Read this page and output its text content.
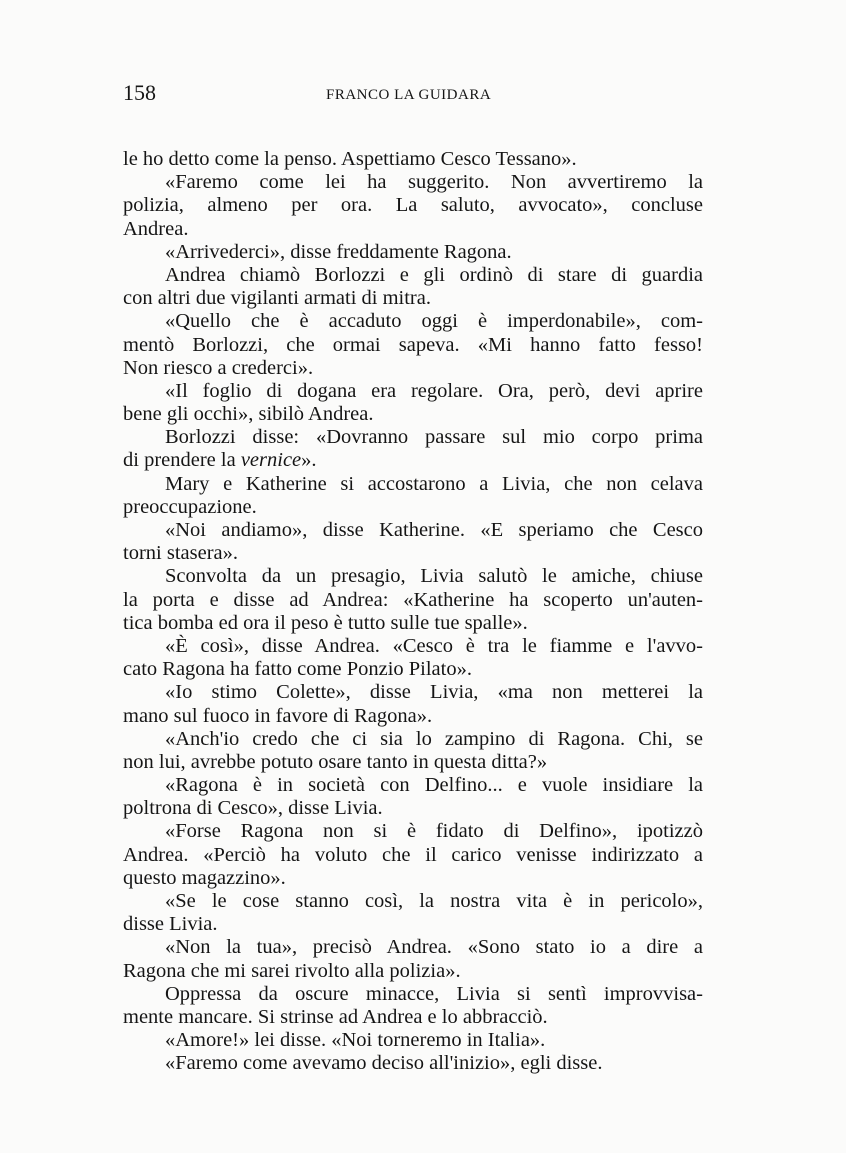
158	FRANCO LA GUIDARA
le ho detto come la penso. Aspettiamo Cesco Tessano».
«Faremo come lei ha suggerito. Non avvertiremo la
polizia, almeno per ora. La saluto, avvocato», concluse
Andrea.
«Arrivederci», disse freddamente Ragona.
Andrea chiamò Borlozzi e gli ordinò di stare di guardia
con altri due vigilanti armati di mitra.
«Quello che è accaduto oggi è imperdonabile», com-
mentò Borlozzi, che ormai sapeva. «Mi hanno fatto fesso!
Non riesco a crederci».
«Il foglio di dogana era regolare. Ora, però, devi aprire
bene gli occhi», sibilò Andrea.
Borlozzi disse: «Dovranno passare sul mio corpo prima
di prendere la vernice».
Mary e Katherine si accostarono a Livia, che non celava
preoccupazione.
«Noi andiamo», disse Katherine. «E speriamo che Cesco
torni stasera».
Sconvolta da un presagio, Livia salutò le amiche, chiuse
la porta e disse ad Andrea: «Katherine ha scoperto un'auten-
tica bomba ed ora il peso è tutto sulle tue spalle».
«È così», disse Andrea. «Cesco è tra le fiamme e l'avvo-
cato Ragona ha fatto come Ponzio Pilato».
«Io stimo Colette», disse Livia, «ma non metterei la
mano sul fuoco in favore di Ragona».
«Anch'io credo che ci sia lo zampino di Ragona. Chi, se
non lui, avrebbe potuto osare tanto in questa ditta?»
«Ragona è in società con Delfino... e vuole insidiare la
poltrona di Cesco», disse Livia.
«Forse Ragona non si è fidato di Delfino», ipotizzò
Andrea. «Perciò ha voluto che il carico venisse indirizzato a
questo magazzino».
«Se le cose stanno così, la nostra vita è in pericolo»,
disse Livia.
«Non la tua», precisò Andrea. «Sono stato io a dire a
Ragona che mi sarei rivolto alla polizia».
Oppressa da oscure minacce, Livia si sentì improvvisa-
mente mancare. Si strinse ad Andrea e lo abbracciò.
«Amore!» lei disse. «Noi torneremo in Italia».
«Faremo come avevamo deciso all'inizio», egli disse.
